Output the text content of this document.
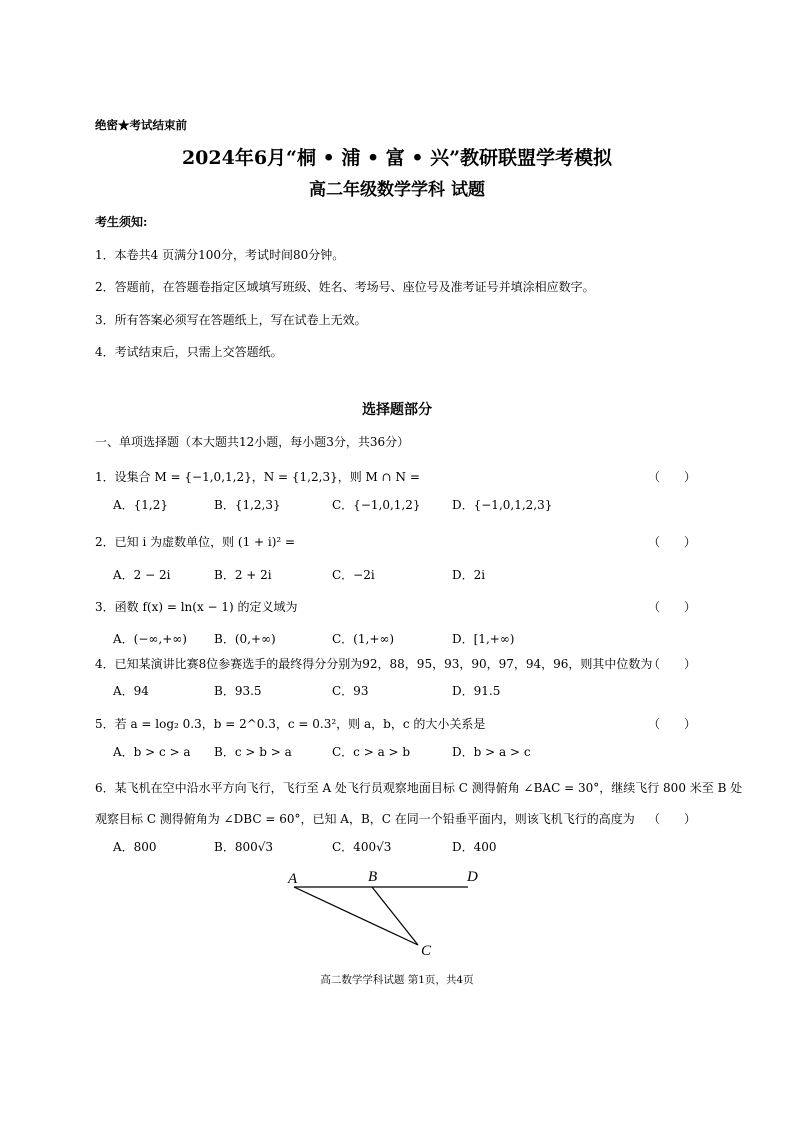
绝密★考试结束前
2024年6月“桐 • 浦 • 富 • 兴”教研联盟学考模拟
高二年级数学学科 试题
考生须知:
1．本卷共4 页满分100分，考试时间80分钟。
2．答题前，在答题卷指定区域填写班级、姓名、考场号、座位号及准考证号并填涂相应数字。
3．所有答案必须写在答题纸上，写在试卷上无效。
4．考试结束后，只需上交答题纸。
选择题部分
一、单项选择题（本大题共12小题，每小题3分，共36分）
1．设集合 M = {−1,0,1,2}，N = {1,2,3}，则 M ∩ N =	（　　）
A．{1,2}	B．{1,2,3}	C．{−1,0,1,2}	D．{−1,0,1,2,3}
2．已知 i 为虚数单位，则 (1 + i)² =	（　　）
A．2 − 2i	B．2 + 2i	C．−2i	D．2i
3．函数 f(x) = ln(x − 1) 的定义域为	（　　）
A．(−∞,+∞) B．(0,+∞)	C．(1,+∞)	D．[1,+∞)
4．已知某演讲比赛8位参赛选手的最终得分分别为92，88，95，93，90，97，94，96，则其中位数为
（　　）
A．94	B．93.5	C．93	D．91.5
5．若 a = log₂ 0.3，b = 2^0.3，c = 0.3²，则 a，b，c 的大小关系是	（　　）
A．b > c > a B．c > b > a	C．c > a > b	D．b > a > c
6．某飞机在空中沿水平方向飞行，飞行至 A 处飞行员观察地面目标 C 测得俯角 ∠BAC = 30°，继续飞行 800 米至 B 处
观察目标 C 测得俯角为 ∠DBC = 60°，已知 A，B，C 在同一个铅垂平面内，则该飞机飞行的高度为 （　　）
A．800	B．800√3	C．400√3	D．400
A	B	D
C
高二数学学科试题 第1页，共4页
